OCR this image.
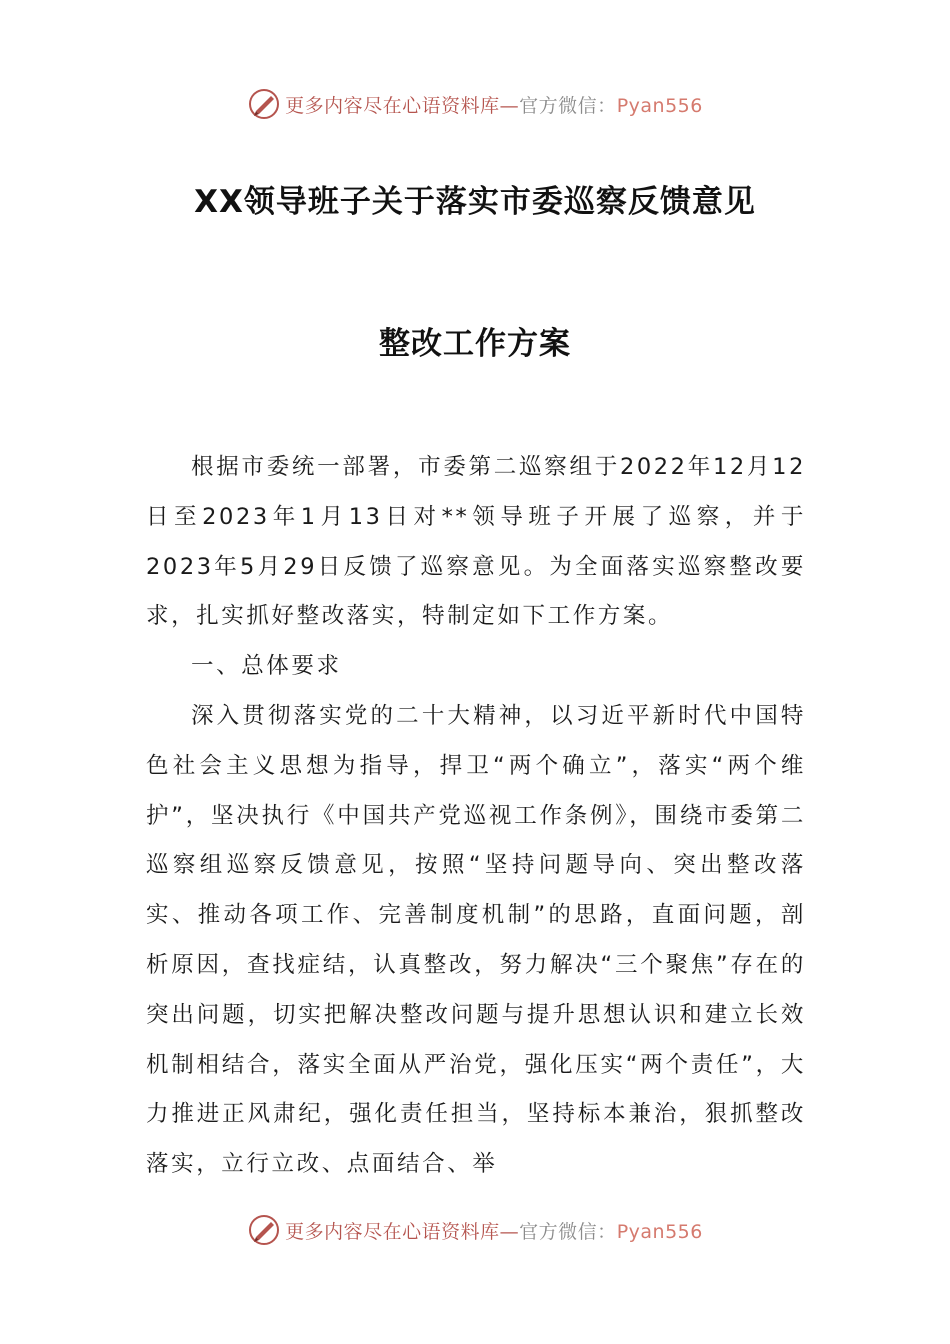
更多内容尽在心语资料库—官方微信：Pyan556
XX领导班子关于落实市委巡察反馈意见
整改工作方案

根据市委统一部署，市委第二巡察组于2022年12月12日至2023年1月13日对**领导班子开展了巡察，并于2023年5月29日反馈了巡察意见。为全面落实巡察整改要求，扎实抓好整改落实，特制定如下工作方案。

一、总体要求

深入贯彻落实党的二十大精神，以习近平新时代中国特色社会主义思想为指导，捍卫“两个确立”，落实“两个维护”，坚决执行《中国共产党巡视工作条例》，围绕市委第二巡察组巡察反馈意见，按照“坚持问题导向、突出整改落实、推动各项工作、完善制度机制”的思路，直面问题，剖析原因，查找症结，认真整改，努力解决“三个聚焦”存在的突出问题，切实把解决整改问题与提升思想认识和建立长效机制相结合，落实全面从严治党，强化压实“两个责任”，大力推进正风肃纪，强化责任担当，坚持标本兼治，狠抓整改落实，立行立改、点面结合、举

更多内容尽在心语资料库—官方微信：Pyan556
